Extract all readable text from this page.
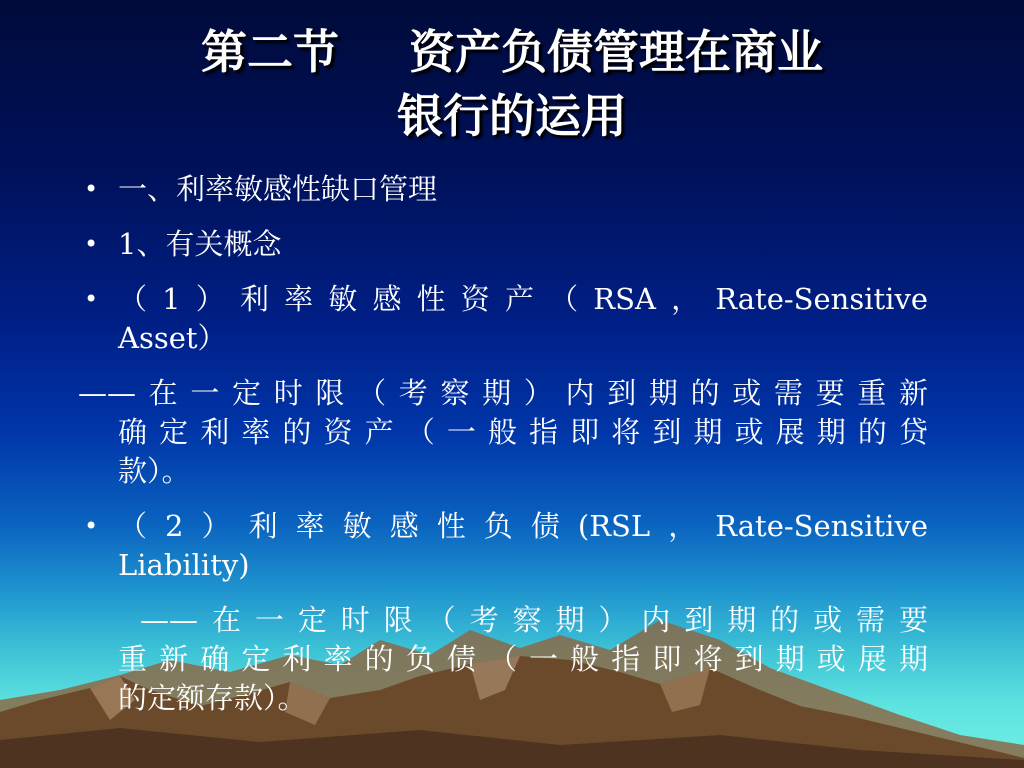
第二节 资产负债管理在商业
银行的运用

• 一、利率敏感性缺口管理

• 1、有关概念

• （1）利率敏感性资产（RSA，Rate-Sensitive

Asset）

——在一定时限（考察期）内到期的或需要重新

确定利率的资产（一般指即将到期或展期的贷

款）。

• （2）利率敏感性负债(RSL，Rate-Sensitive

Liability)

——在一定时限（考察期）内到期的或需要

重新确定利率的负债（一般指即将到期或展期

的定额存款）。
